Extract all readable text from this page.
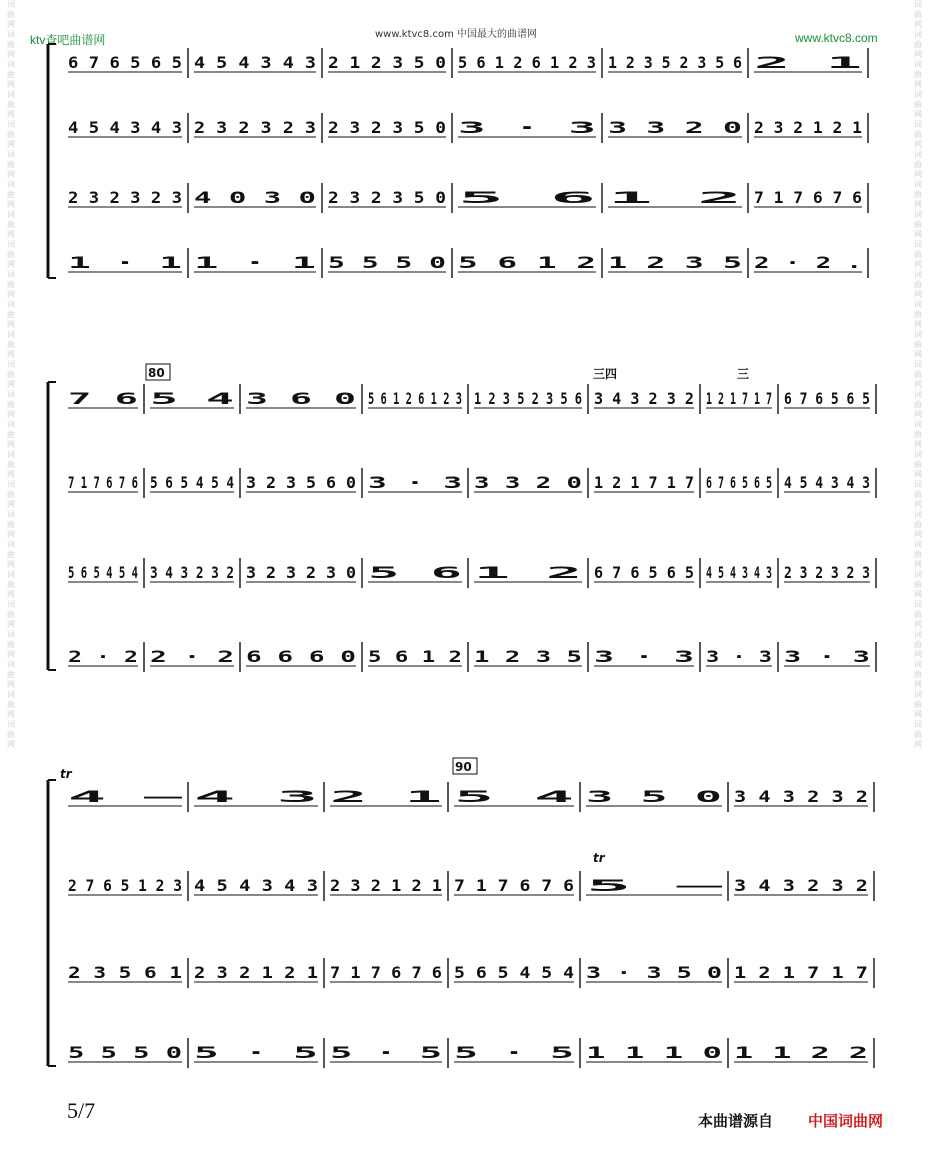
词
曲
网
词
曲
网
词
曲
网
词
曲
网
词
曲
网
词
曲
网
词
曲
网
词
曲
网
词
曲
网
词
曲
网
词
曲
网
词
曲
网
词
曲
网
词
曲
网
词
曲
网
词
曲
网
词
曲
网
词
曲
网
词
曲
网
词
曲
网
词
曲
网
词
曲
网
词
曲
网
词
曲
网
词
曲
网
词
曲
网
词
曲
网
词
曲
网
词
曲
网
词
曲
网
词
曲
网
词
曲
网
词
曲
网
词
曲
网
词
曲
网
词
曲
网
词
曲
网
词
曲
网
词
曲
网
词
曲
网
词
曲
网
词
曲
网
词
曲
网
词
曲
网
词
曲
网
词
曲
网
词
曲
网
词
曲
网
词
曲
网
词
曲
网
ktv查吧曲谱网	www.ktvc8.com 中国最大的曲谱网	www.ktvc8.com
6 7 6 5 6 5 4 5 4 3 4 3 2 1 2 3 5 0 5 6 1 2 6 1 2 3 1 2 3 5 2 3 5 6 2 1
4 5 4 3 4 3 2 3 2 3 2 3 2 3 2 3 5 0 3 · 3 3 3 2 0 2 3 2 1 2 1
2 3 2 3 2 3 4 0 3 0 2 3 2 3 5 0 5 6 1 2 7 1 7 6 7 6
1 · 1 1 · 1 5 5 5 0 5 6 1 2 1 2 3 5 2 · 2 .
7 6 5 4 3 6 0 5 6 1 2 6 1 2 3 1 2 3 5 2 3 5 6 3 4 3 2 3 2 1 2 1 7 1 7 6 7 6 5 6 5
7 1 7 6 7 6 5 6 5 4 5 4 3 2 3 5 6 0 3 · 3 3 3 2 0 1 2 1 7 1 7 6 7 6 5 6 5 4 5 4 3 4 3
5 6 5 4 5 4 3 4 3 2 3 2 3 2 3 2 3 0 5 6 1 2 6 7 6 5 6 5 4 5 4 3 4 3 2 3 2 3 2 3
2 · 2 2 · 2 6 6 6 0 5 6 1 2 1 2 3 5 3 · 3 3 · 3 3 · 3
80	三四	三
4 – 4 3 2 1 5 4 3 5 0 3 4 3 2 3 2
2 7 6 5 1 2 3 4 5 4 3 4 3 2 3 2 1 2 1 7 1 7 6 7 6 5 – 3 4 3 2 3 2
2 3 5 6 1 2 3 2 1 2 1 7 1 7 6 7 6 5 6 5 4 5 4 3 · 3 5 0 1 2 1 7 1 7
5 5 5 0 5 · 5 5 · 5 5 · 5 1 1 1 0 1 1 2 2
tr	90
tr
5/7	本曲谱源自 中国词曲网
